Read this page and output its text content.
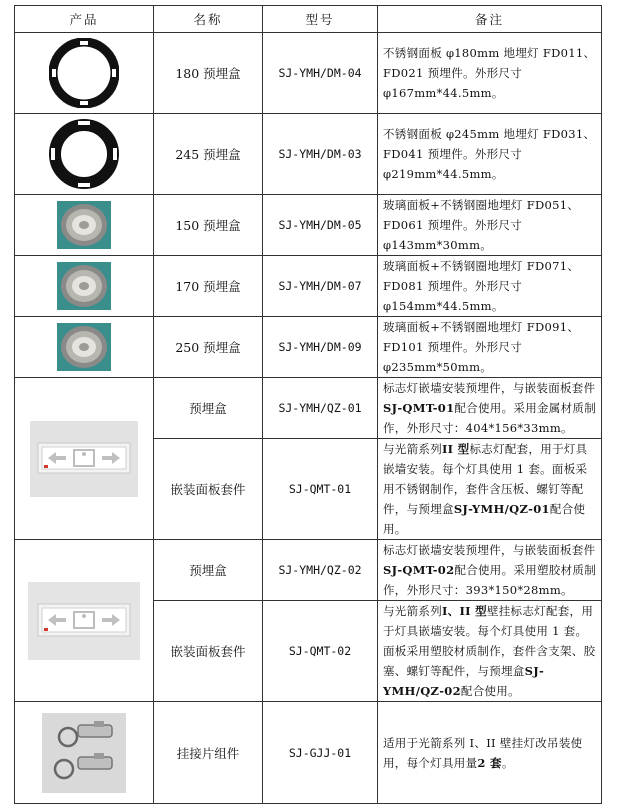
产品	名称	型号	备注

	180 预埋盒	SJ-YMH/DM-04	不锈钢面板 φ180mm 地埋灯 FD011、FD021 预埋件。外形尺寸
φ167mm*44.5mm。

	245 预埋盒	SJ-YMH/DM-03	不锈钢面板 φ245mm 地埋灯 FD031、FD041 预埋件。外形尺寸
φ219mm*44.5mm。

	150 预埋盒	SJ-YMH/DM-05	玻璃面板+不锈钢圈地埋灯 FD051、FD061 预埋件。外形尺寸
φ143mm*30mm。

	170 预埋盒	SJ-YMH/DM-07	玻璃面板+不锈钢圈地埋灯 FD071、FD081 预埋件。外形尺寸
φ154mm*44.5mm。

	250 预埋盒	SJ-YMH/DM-09	玻璃面板+不锈钢圈地埋灯 FD091、FD101 预埋件。外形尺寸
φ235mm*50mm。

	预埋盒	SJ-YMH/QZ-01	标志灯嵌墙安装预埋件，与嵌装面板套件SJ-QMT-01配合使用。采用金属材质制作，外形尺寸：404*156*33mm。
	嵌装面板套件	SJ-QMT-01	与光箭系列II 型标志灯配套，用于灯具嵌墙安装。每个灯具使用 1 套。面板采用不锈钢制作，套件含压板、螺钉等配件，与预埋盒SJ-YMH/QZ-01配合使用。

	预埋盒	SJ-YMH/QZ-02	标志灯嵌墙安装预埋件，与嵌装面板套件SJ-QMT-02配合使用。采用塑胶材质制作，外形尺寸：393*150*28mm。
	嵌装面板套件	SJ-QMT-02	与光箭系列I、II 型壁挂标志灯配套，用于灯具嵌墙安装。每个灯具使用 1 套。面板采用塑胶材质制作，套件含支架、胶塞、螺钉等配件，与预埋盒SJ-YMH/QZ-02配合使用。

	挂接片组件	SJ-GJJ-01	适用于光箭系列 I、II 壁挂灯改吊装使用，每个灯具用量2 套。
